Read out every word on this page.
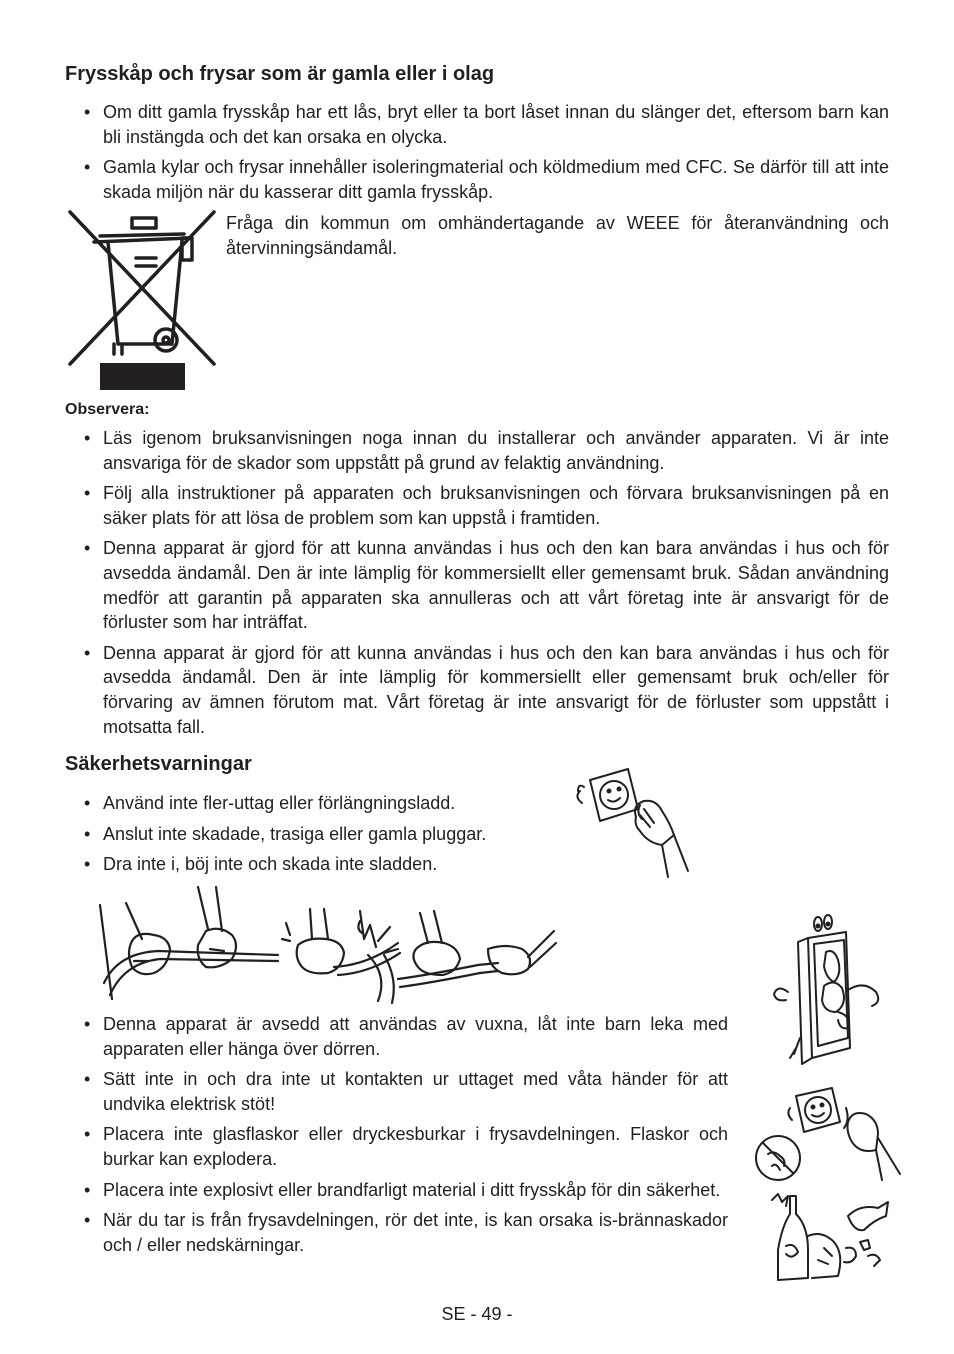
Frysskåp och frysar som är gamla eller i olag
• Om ditt gamla frysskåp har ett lås, bryt eller ta bort låset innan du slänger det, eftersom barn kan bli instängda och det kan orsaka en olycka.
• Gamla kylar och frysar innehåller isoleringmaterial och köldmedium med CFC. Se därför till att inte skada miljön när du kasserar ditt gamla frysskåp.

Fråga din kommun om omhändertagande av WEEE för återanvändning och återvinningsändamål.

Observera:

• Läs igenom bruksanvisningen noga innan du installerar och använder apparaten. Vi är inte ansvariga för de skador som uppstått på grund av felaktig användning.
• Följ alla instruktioner på apparaten och bruksanvisningen och förvara bruksanvisningen på en säker plats för att lösa de problem som kan uppstå i framtiden.
• Denna apparat är gjord för att kunna användas i hus och den kan bara användas i hus och för avsedda ändamål. Den är inte lämplig för kommersiellt eller gemensamt bruk. Sådan användning medför att garantin på apparaten ska annulleras och att vårt företag inte är ansvarigt för de förluster som har inträffat.
• Denna apparat är gjord för att kunna användas i hus och den kan bara användas i hus och för avsedda ändamål. Den är inte lämplig för kommersiellt eller gemensamt bruk och/eller för förvaring av ämnen förutom mat. Vårt företag är inte ansvarigt för de förluster som uppstått i motsatta fall.
Säkerhetsvarningar
• Använd inte fler-uttag eller förlängningsladd.
• Anslut inte skadade, trasiga eller gamla pluggar.
• Dra inte i, böj inte och skada inte sladden.
• Denna apparat är avsedd att användas av vuxna, låt inte barn leka med apparaten eller hänga över dörren.
• Sätt inte in och dra inte ut kontakten ur uttaget med våta händer för att undvika elektrisk stöt!
• Placera inte glasflaskor eller dryckesburkar i frysavdelningen. Flaskor och burkar kan explodera.
• Placera inte explosivt eller brandfarligt material i ditt frysskåp för din säkerhet.
• När du tar is från frysavdelningen, rör det inte, is kan orsaka is-brännaskador och / eller nedskärningar.
SE - 49 -
